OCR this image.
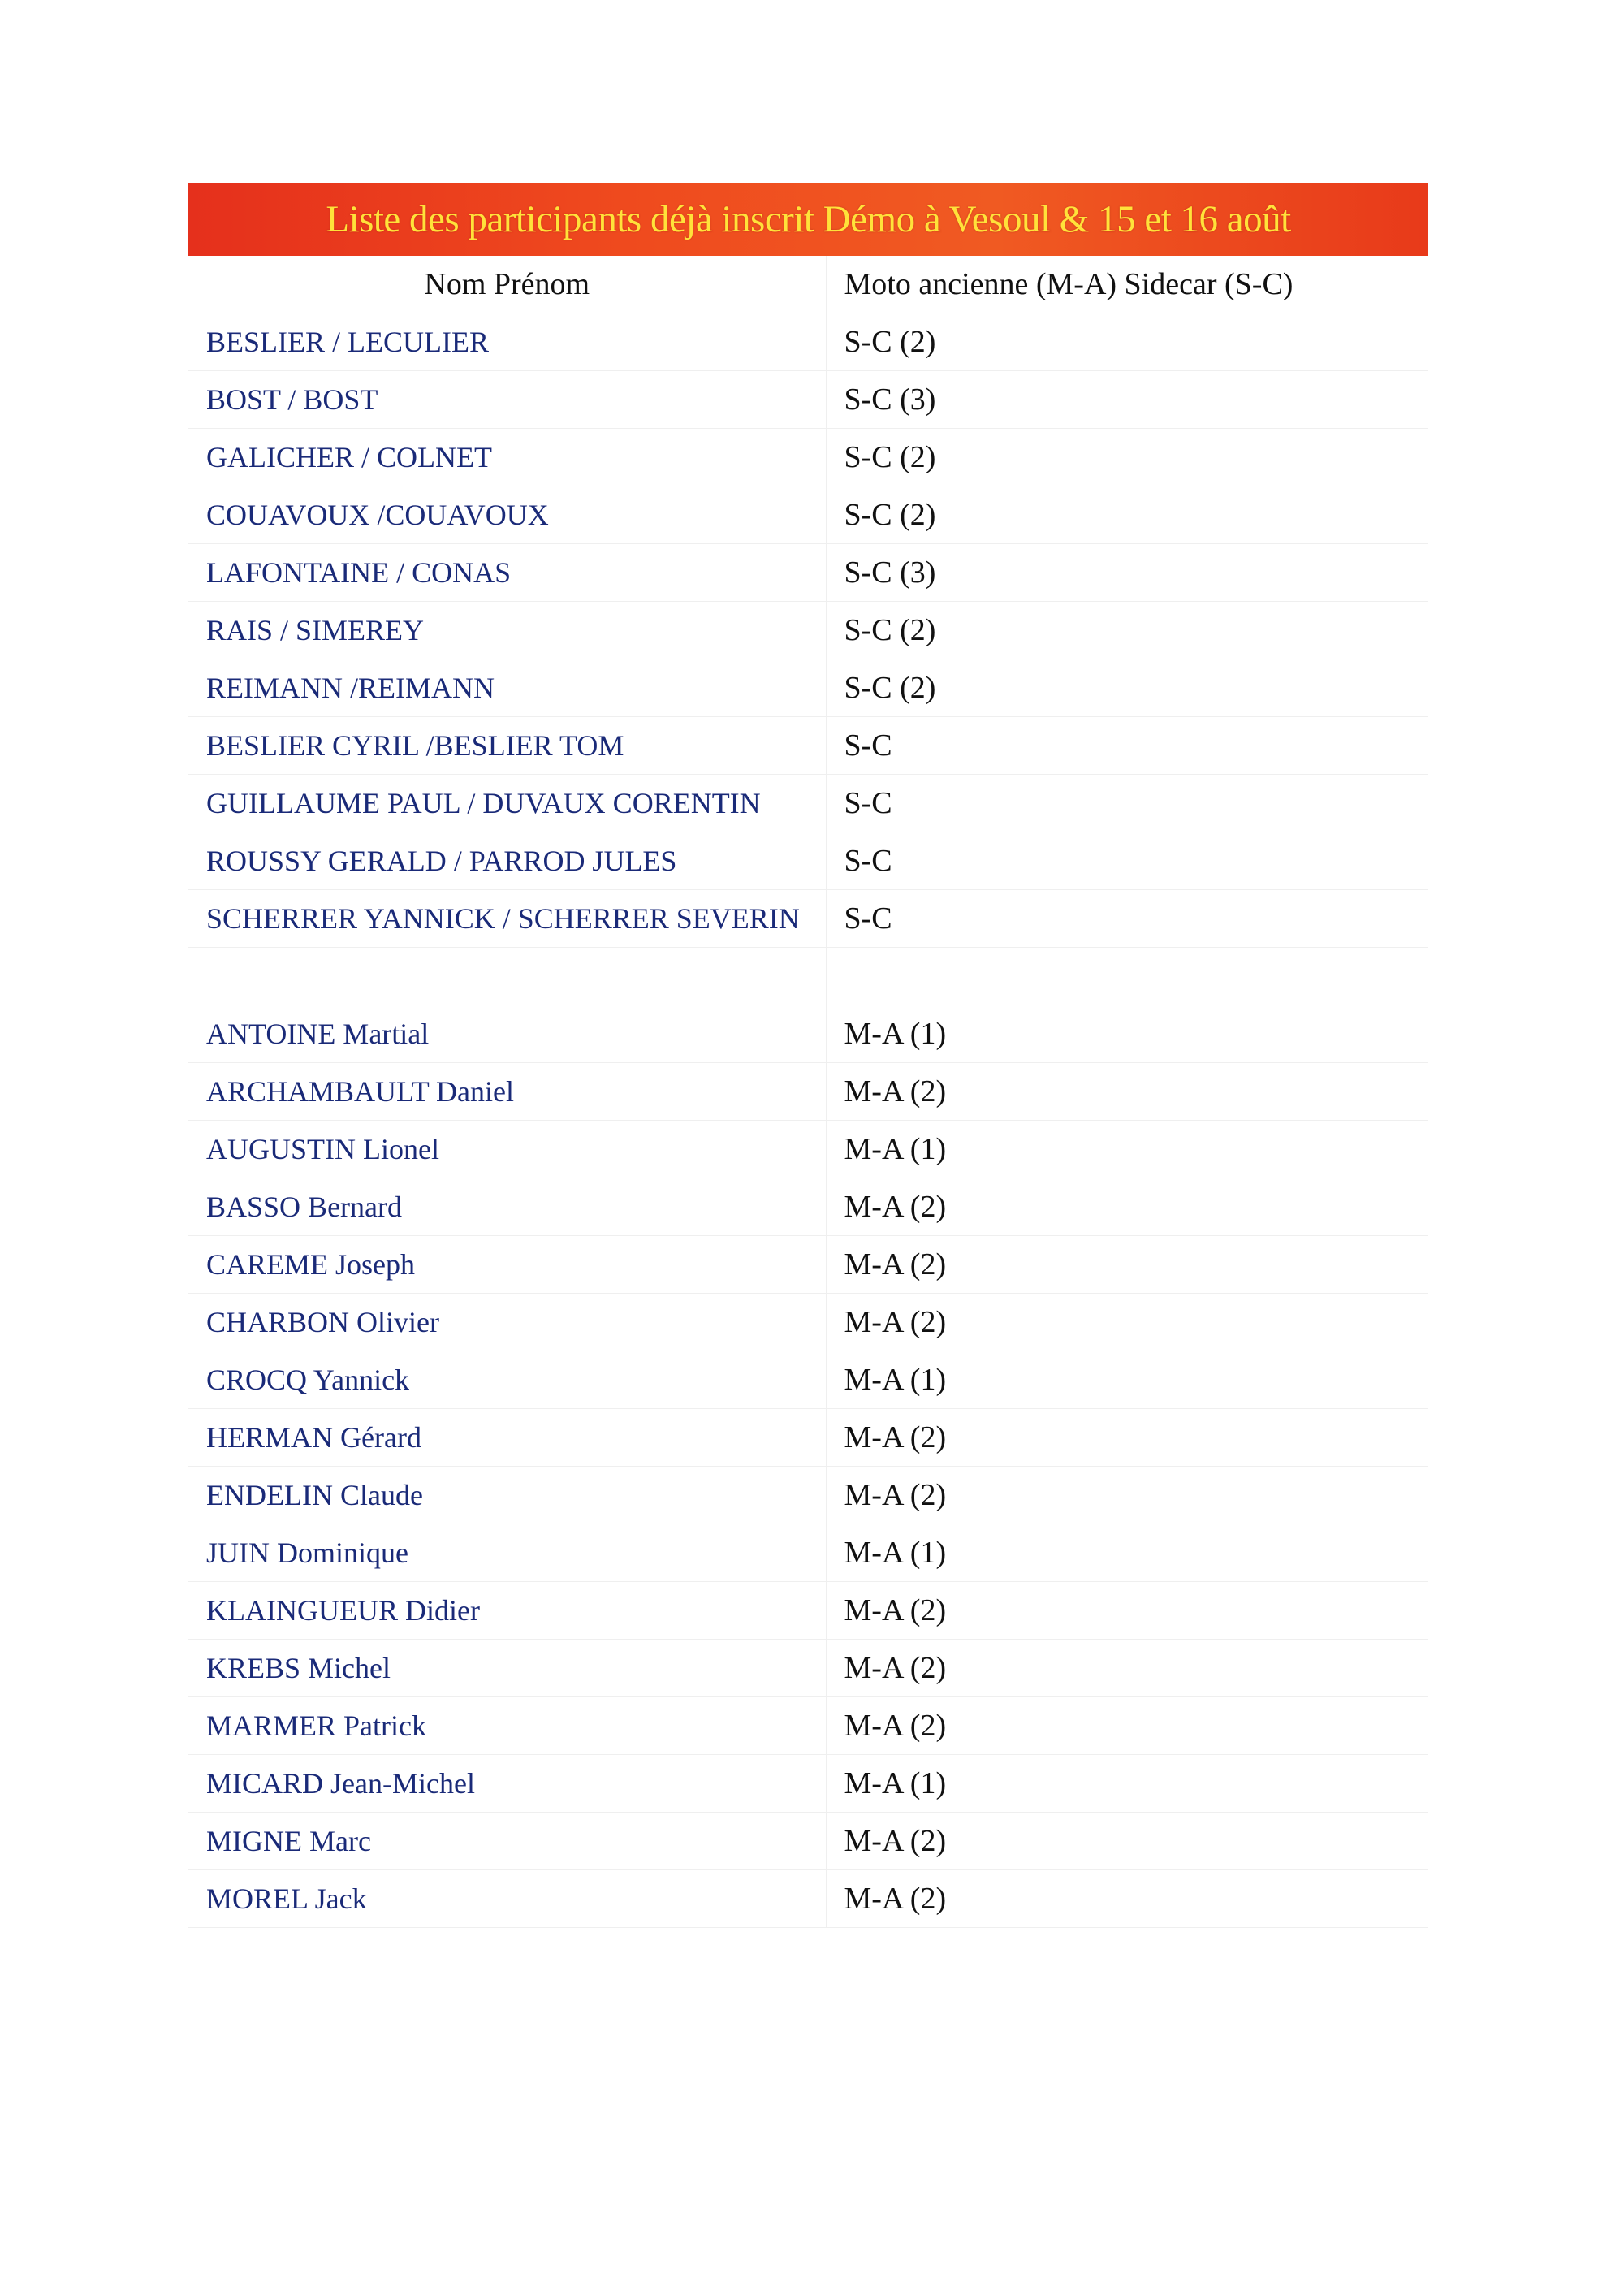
Liste des participants déjà inscrit Démo à Vesoul & 15 et 16 août
Nom Prénom	Moto ancienne (M-A) Sidecar (S-C)
BESLIER / LECULIER	S-C (2)
BOST / BOST	S-C (3)
GALICHER / COLNET	S-C (2)
COUAVOUX /COUAVOUX	S-C (2)
LAFONTAINE / CONAS	S-C (3)
RAIS / SIMEREY	S-C (2)
REIMANN /REIMANN	S-C (2)
BESLIER CYRIL /BESLIER TOM	S-C
GUILLAUME PAUL / DUVAUX CORENTIN	S-C
ROUSSY GERALD / PARROD JULES	S-C
SCHERRER YANNICK / SCHERRER SEVERIN	S-C

ANTOINE Martial	M-A (1)
ARCHAMBAULT Daniel	M-A (2)
AUGUSTIN Lionel	M-A (1)
BASSO Bernard	M-A (2)
CAREME Joseph	M-A (2)
CHARBON Olivier	M-A (2)
CROCQ Yannick	M-A (1)
HERMAN Gérard	M-A (2)
ENDELIN Claude	M-A (2)
JUIN Dominique	M-A (1)
KLAINGUEUR Didier	M-A (2)
KREBS Michel	M-A (2)
MARMER Patrick	M-A (2)
MICARD Jean-Michel	M-A (1)
MIGNE Marc	M-A (2)
MOREL Jack	M-A (2)
